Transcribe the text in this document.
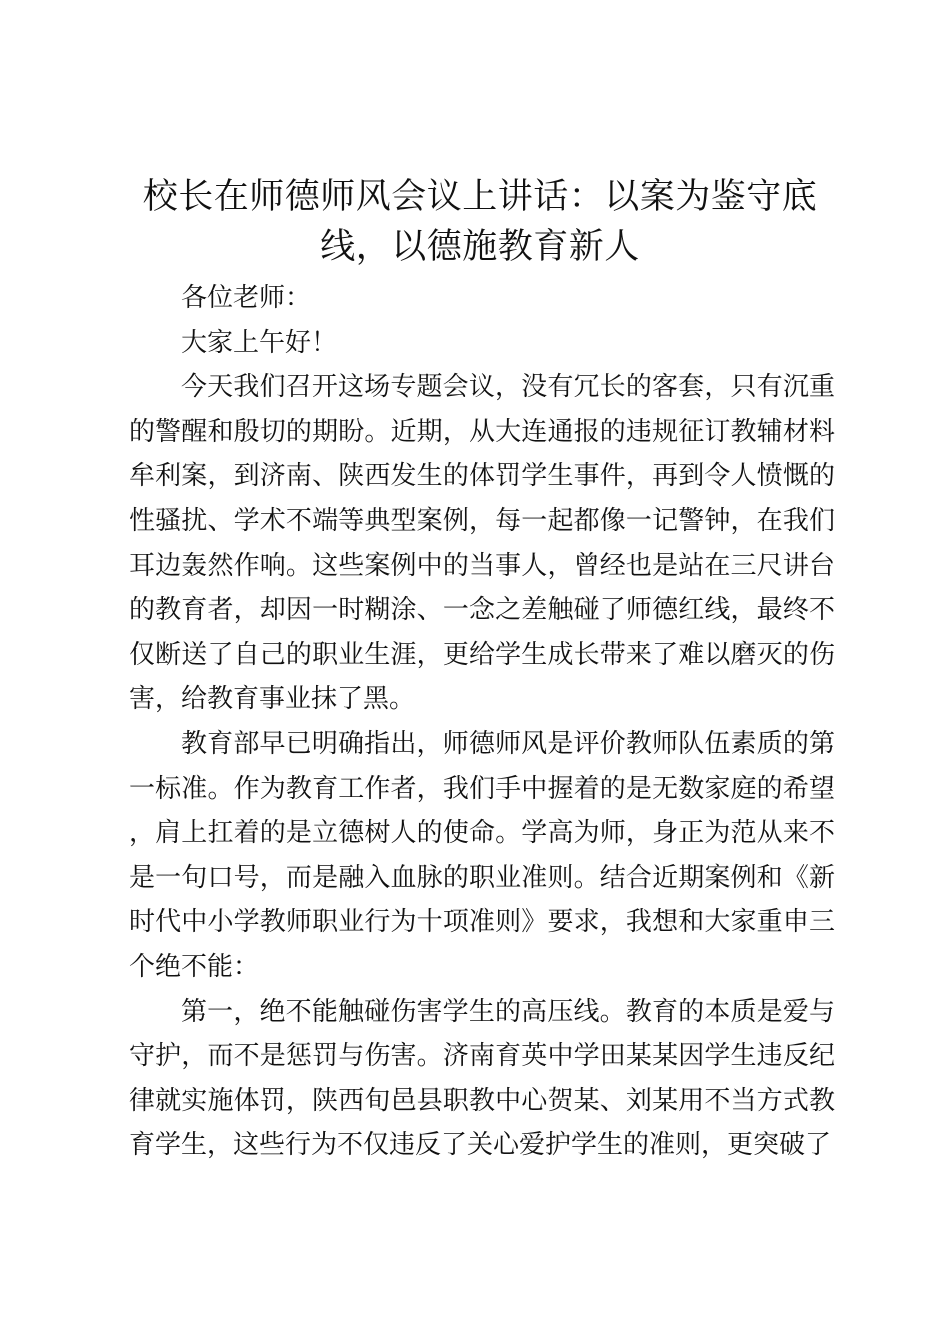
校长在师德师风会议上讲话：以案为鉴守底线，以德施教育新人

各位老师：

大家上午好！

今天我们召开这场专题会议，没有冗长的客套，只有沉重的警醒和殷切的期盼。近期，从大连通报的违规征订教辅材料牟利案，到济南、陕西发生的体罚学生事件，再到令人愤慨的性骚扰、学术不端等典型案例，每一起都像一记警钟，在我们耳边轰然作响。这些案例中的当事人，曾经也是站在三尺讲台的教育者，却因一时糊涂、一念之差触碰了师德红线，最终不仅断送了自己的职业生涯，更给学生成长带来了难以磨灭的伤害，给教育事业抹了黑。

教育部早已明确指出，师德师风是评价教师队伍素质的第一标准。作为教育工作者，我们手中握着的是无数家庭的希望，肩上扛着的是立德树人的使命。学高为师，身正为范从来不是一句口号，而是融入血脉的职业准则。结合近期案例和《新时代中小学教师职业行为十项准则》要求，我想和大家重申三个绝不能：

第一，绝不能触碰伤害学生的高压线。教育的本质是爱与守护，而不是惩罚与伤害。济南育英中学田某某因学生违反纪律就实施体罚，陕西旬邑县职教中心贺某、刘某用不当方式教育学生，这些行为不仅违反了关心爱护学生的准则，更突破了
